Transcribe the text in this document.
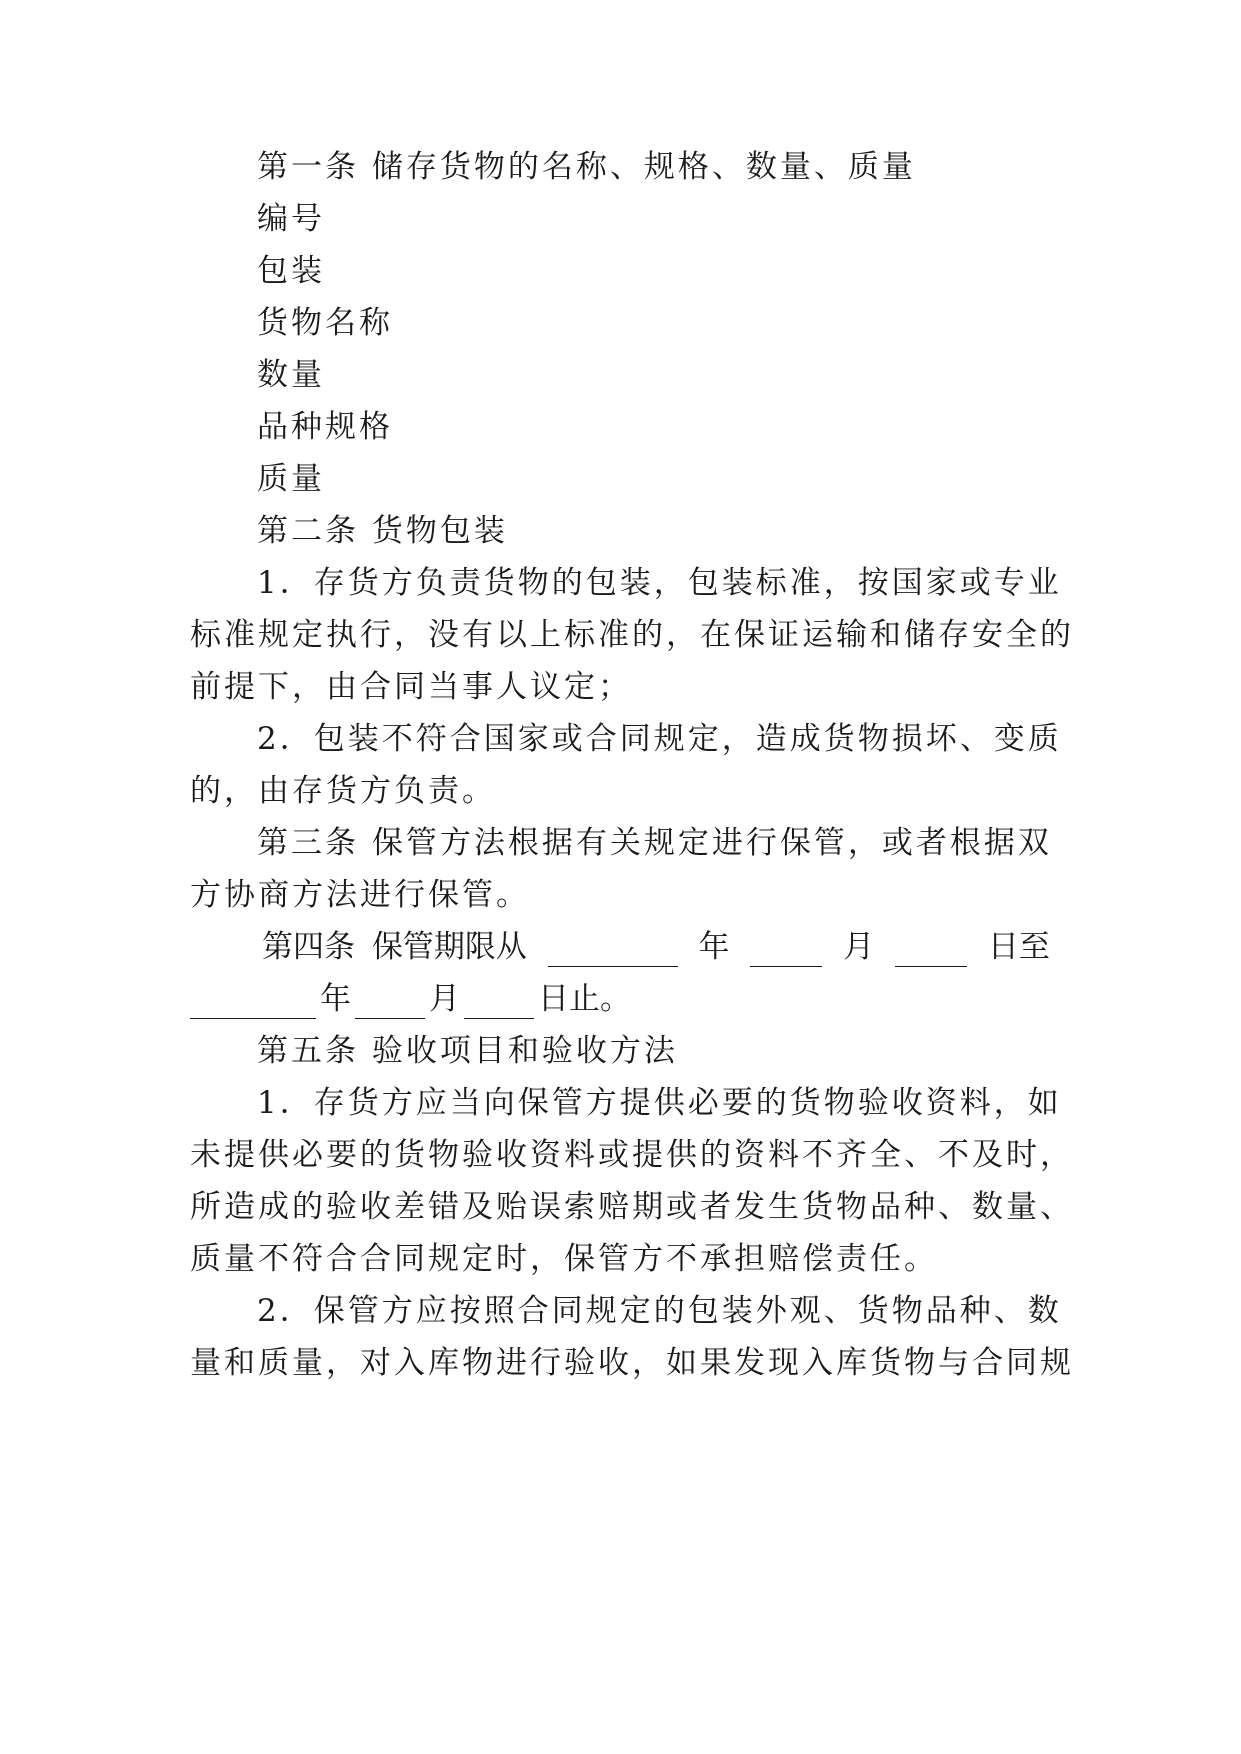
第一条 储存货物的名称、规格、数量、质量
编号
包装
货物名称
数量
品种规格
质量
第二条 货物包装
1．存货方负责货物的包装，包装标准，按国家或专业
标准规定执行，没有以上标准的，在保证运输和储存安全的
前提下，由合同当事人议定；
2．包装不符合国家或合同规定，造成货物损坏、变质
的，由存货方负责。
第三条 保管方法根据有关规定进行保管，或者根据双
方协商方法进行保管。
第四条 保管期限从	年	月	日至
年	月	日止。
第五条 验收项目和验收方法
1．存货方应当向保管方提供必要的货物验收资料，如
未提供必要的货物验收资料或提供的资料不齐全、不及时，
所造成的验收差错及贻误索赔期或者发生货物品种、数量、
质量不符合合同规定时，保管方不承担赔偿责任。
2．保管方应按照合同规定的包装外观、货物品种、数
量和质量，对入库物进行验收，如果发现入库货物与合同规
